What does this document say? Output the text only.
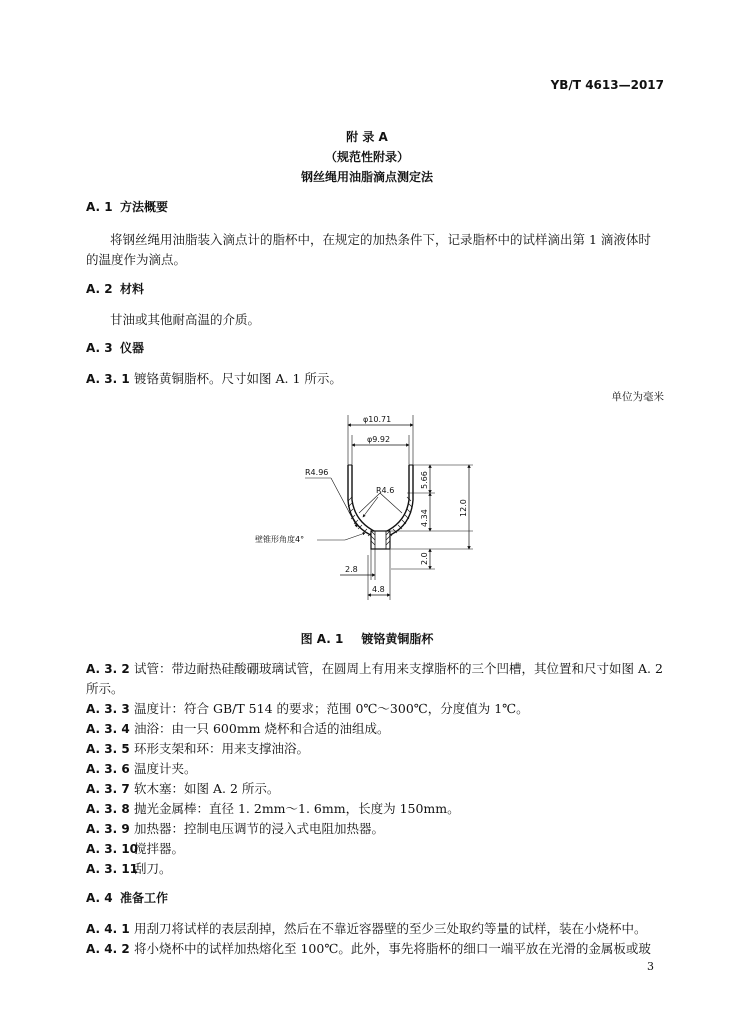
YB/T 4613—2017
附 录 A
（规范性附录）
钢丝绳用油脂滴点测定法
A. 1 方法概要
将钢丝绳用油脂装入滴点计的脂杯中，在规定的加热条件下，记录脂杯中的试样滴出第 1 滴液体时
的温度作为滴点。
A. 2 材料
甘油或其他耐高温的介质。
A. 3 仪器
A. 3. 1 镀铬黄铜脂杯。尺寸如图 A. 1 所示。
单位为毫米
φ10.71
φ9.92
R4.96
R4.6
壁锥形角度4°
5.66
4.34
12.0
2.0
2.8
4.8
图 A. 1 镀铬黄铜脂杯
A. 3. 2 试管：带边耐热硅酸硼玻璃试管，在圆周上有用来支撑脂杯的三个凹槽，其位置和尺寸如图 A. 2
所示。
A. 3. 3 温度计：符合 GB/T 514 的要求；范围 0℃～300℃，分度值为 1℃。
A. 3. 4 油浴：由一只 600mm 烧杯和合适的油组成。
A. 3. 5 环形支架和环：用来支撑油浴。
A. 3. 6 温度计夹。
A. 3. 7 软木塞：如图 A. 2 所示。
A. 3. 8 抛光金属棒：直径 1. 2mm～1. 6mm，长度为 150mm。
A. 3. 9 加热器：控制电压调节的浸入式电阻加热器。
A. 3. 10搅拌器。
A. 3. 11刮刀。
A. 4 准备工作
A. 4. 1 用刮刀将试样的表层刮掉，然后在不靠近容器壁的至少三处取约等量的试样，装在小烧杯中。
A. 4. 2 将小烧杯中的试样加热熔化至 100℃。此外，事先将脂杯的细口一端平放在光滑的金属板或玻
3
